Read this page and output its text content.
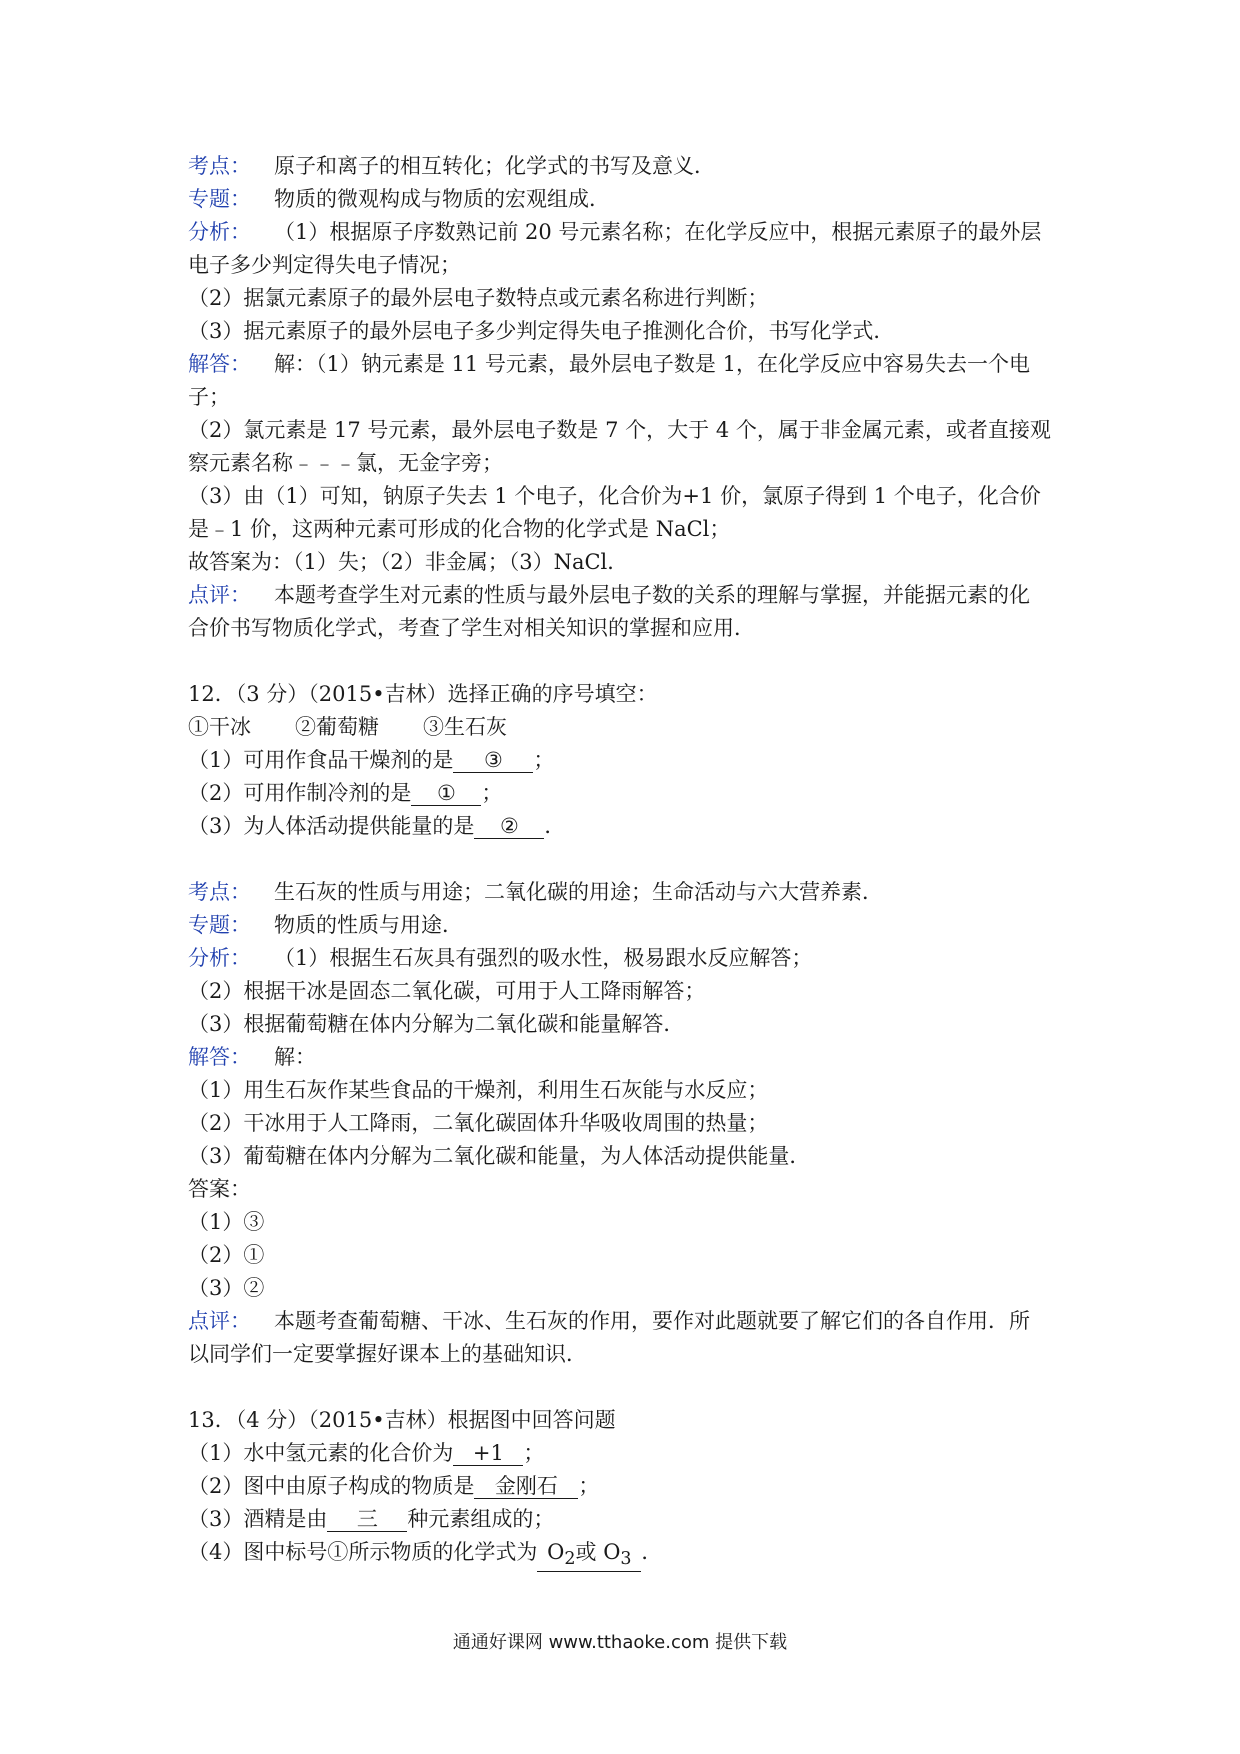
考点： 原子和离子的相互转化；化学式的书写及意义．
专题： 物质的微观构成与物质的宏观组成．
分析： （1）根据原子序数熟记前 20 号元素名称；在化学反应中，根据元素原子的最外层
电子多少判定得失电子情况；
（2）据氯元素原子的最外层电子数特点或元素名称进行判断；
（3）据元素原子的最外层电子多少判定得失电子推测化合价，书写化学式．
解答： 解：（1）钠元素是 11 号元素，最外层电子数是 1，在化学反应中容易失去一个电
子；
（2）氯元素是 17 号元素，最外层电子数是 7 个，大于 4 个，属于非金属元素，或者直接观
察元素名称﹣﹣﹣氯，无金字旁；
（3）由（1）可知，钠原子失去 1 个电子，化合价为+1 价，氯原子得到 1 个电子，化合价
是﹣1 价，这两种元素可形成的化合物的化学式是 NaCl；
故答案为：（1）失；（2）非金属；（3）NaCl．
点评： 本题考查学生对元素的性质与最外层电子数的关系的理解与掌握，并能据元素的化
合价书写物质化学式，考查了学生对相关知识的掌握和应用．
12．（3 分）（2015•吉林）选择正确的序号填空：
①干冰 ②葡萄糖 ③生石灰
（1）可用作食品干燥剂的是 ③ ；
（2）可用作制冷剂的是 ① ；
（3）为人体活动提供能量的是 ② ．
考点： 生石灰的性质与用途；二氧化碳的用途；生命活动与六大营养素．
专题： 物质的性质与用途．
分析： （1）根据生石灰具有强烈的吸水性，极易跟水反应解答；
（2）根据干冰是固态二氧化碳，可用于人工降雨解答；
（3）根据葡萄糖在体内分解为二氧化碳和能量解答．
解答： 解：
（1）用生石灰作某些食品的干燥剂，利用生石灰能与水反应；
（2）干冰用于人工降雨，二氧化碳固体升华吸收周围的热量；
（3）葡萄糖在体内分解为二氧化碳和能量，为人体活动提供能量．
答案：
（1）③
（2）①
（3）②
点评： 本题考查葡萄糖、干冰、生石灰的作用，要作对此题就要了解它们的各自作用．所
以同学们一定要掌握好课本上的基础知识．
13．（4 分）（2015•吉林）根据图中回答问题
（1）水中氢元素的化合价为 +1 ；
（2）图中由原子构成的物质是 金刚石 ；
（3）酒精是由 三 种元素组成的；
（4）图中标号①所示物质的化学式为 $O_2$或 $O_3$ ．
通通好课网 www.tthaoke.com 提供下载
